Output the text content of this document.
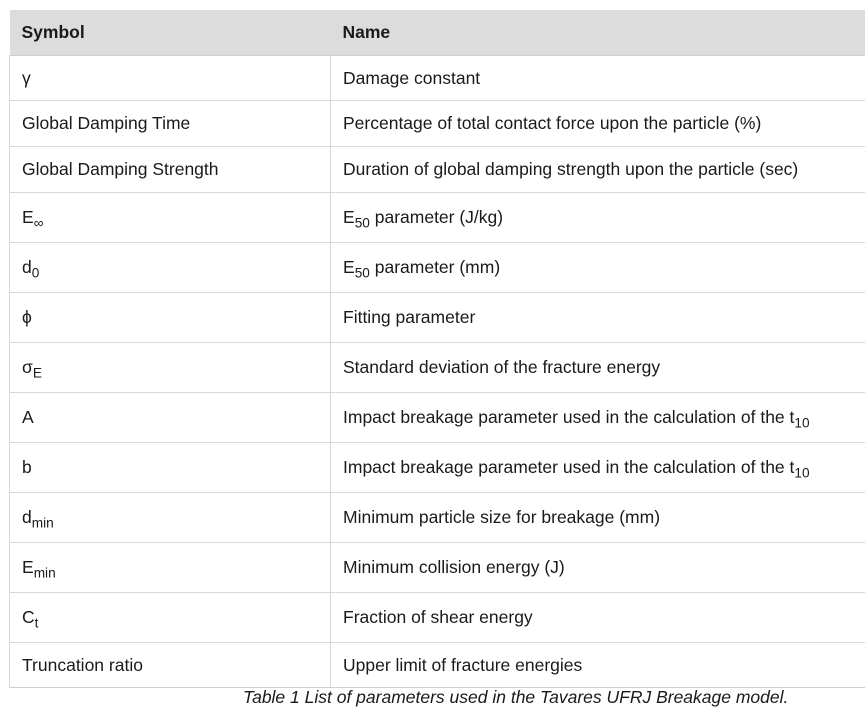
Symbol	Name
γ	Damage constant
Global Damping Time	Percentage of total contact force upon the particle (%)
Global Damping Strength	Duration of global damping strength upon the particle (sec)
$E_\infty$	$E_{50}$ parameter (J/kg)
$d_0$	$E_{50}$ parameter (mm)
ϕ	Fitting parameter
$\sigma_E$	Standard deviation of the fracture energy
A	Impact breakage parameter used in the calculation of the $t_{10}$
b	Impact breakage parameter used in the calculation of the $t_{10}$
$d_{min}$	Minimum particle size for breakage (mm)
$E_{min}$	Minimum collision energy (J)
$C_t$	Fraction of shear energy
Truncation ratio	Upper limit of fracture energies
Table 1 List of parameters used in the Tavares UFRJ Breakage model.
